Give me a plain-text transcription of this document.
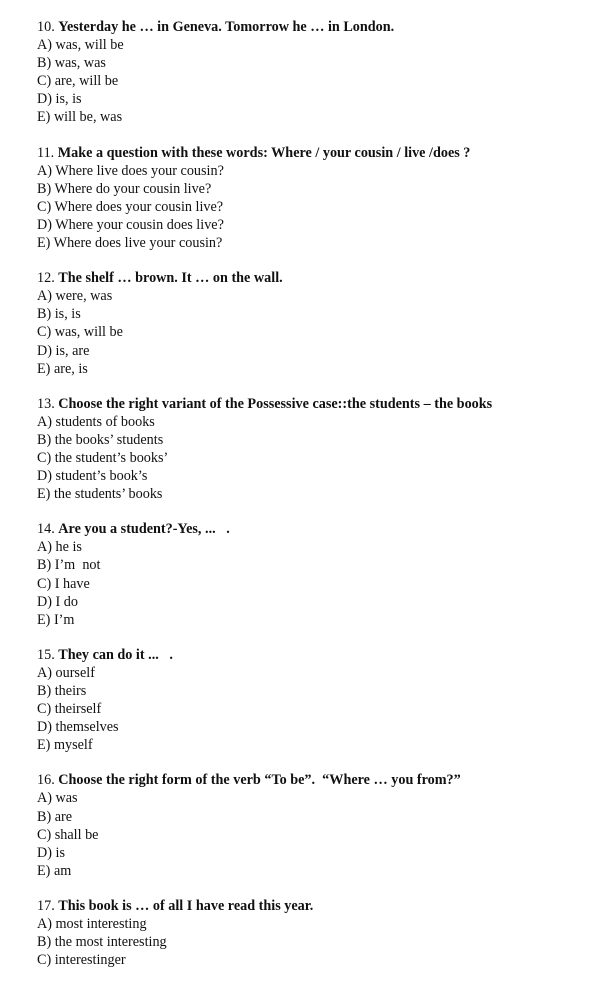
10. Yesterday he … in Geneva. Tomorrow he … in London.
A) was, will be
B) was, was
C) are, will be
D) is, is
E) will be, was
11. Make a question with these words: Where / your cousin / live /does ?
A) Where live does your cousin?
B) Where do your cousin live?
C) Where does your cousin live?
D) Where your cousin does live?
E) Where does live your cousin?
12. The shelf … brown. It … on the wall.
A) were, was
B) is, is
C) was, will be
D) is, are
E) are, is
13. Choose the right variant of the Possessive case::the students – the books
A) students of books
B) the books’ students
C) the student’s books’
D) student’s book’s
E) the students’ books
14. Are you a student?-Yes, ...   .
A) he is
B) I’m  not
C) I have
D) I do
E) I’m
15. They can do it ...   .
A) ourself
B) theirs
C) theirself
D) themselves
E) myself
16. Choose the right form of the verb “To be”.  “Where … you from?”
A) was
B) are
C) shall be
D) is
E) am
17. This book is … of all I have read this year.
A) most interesting
B) the most interesting
C) interestinger
